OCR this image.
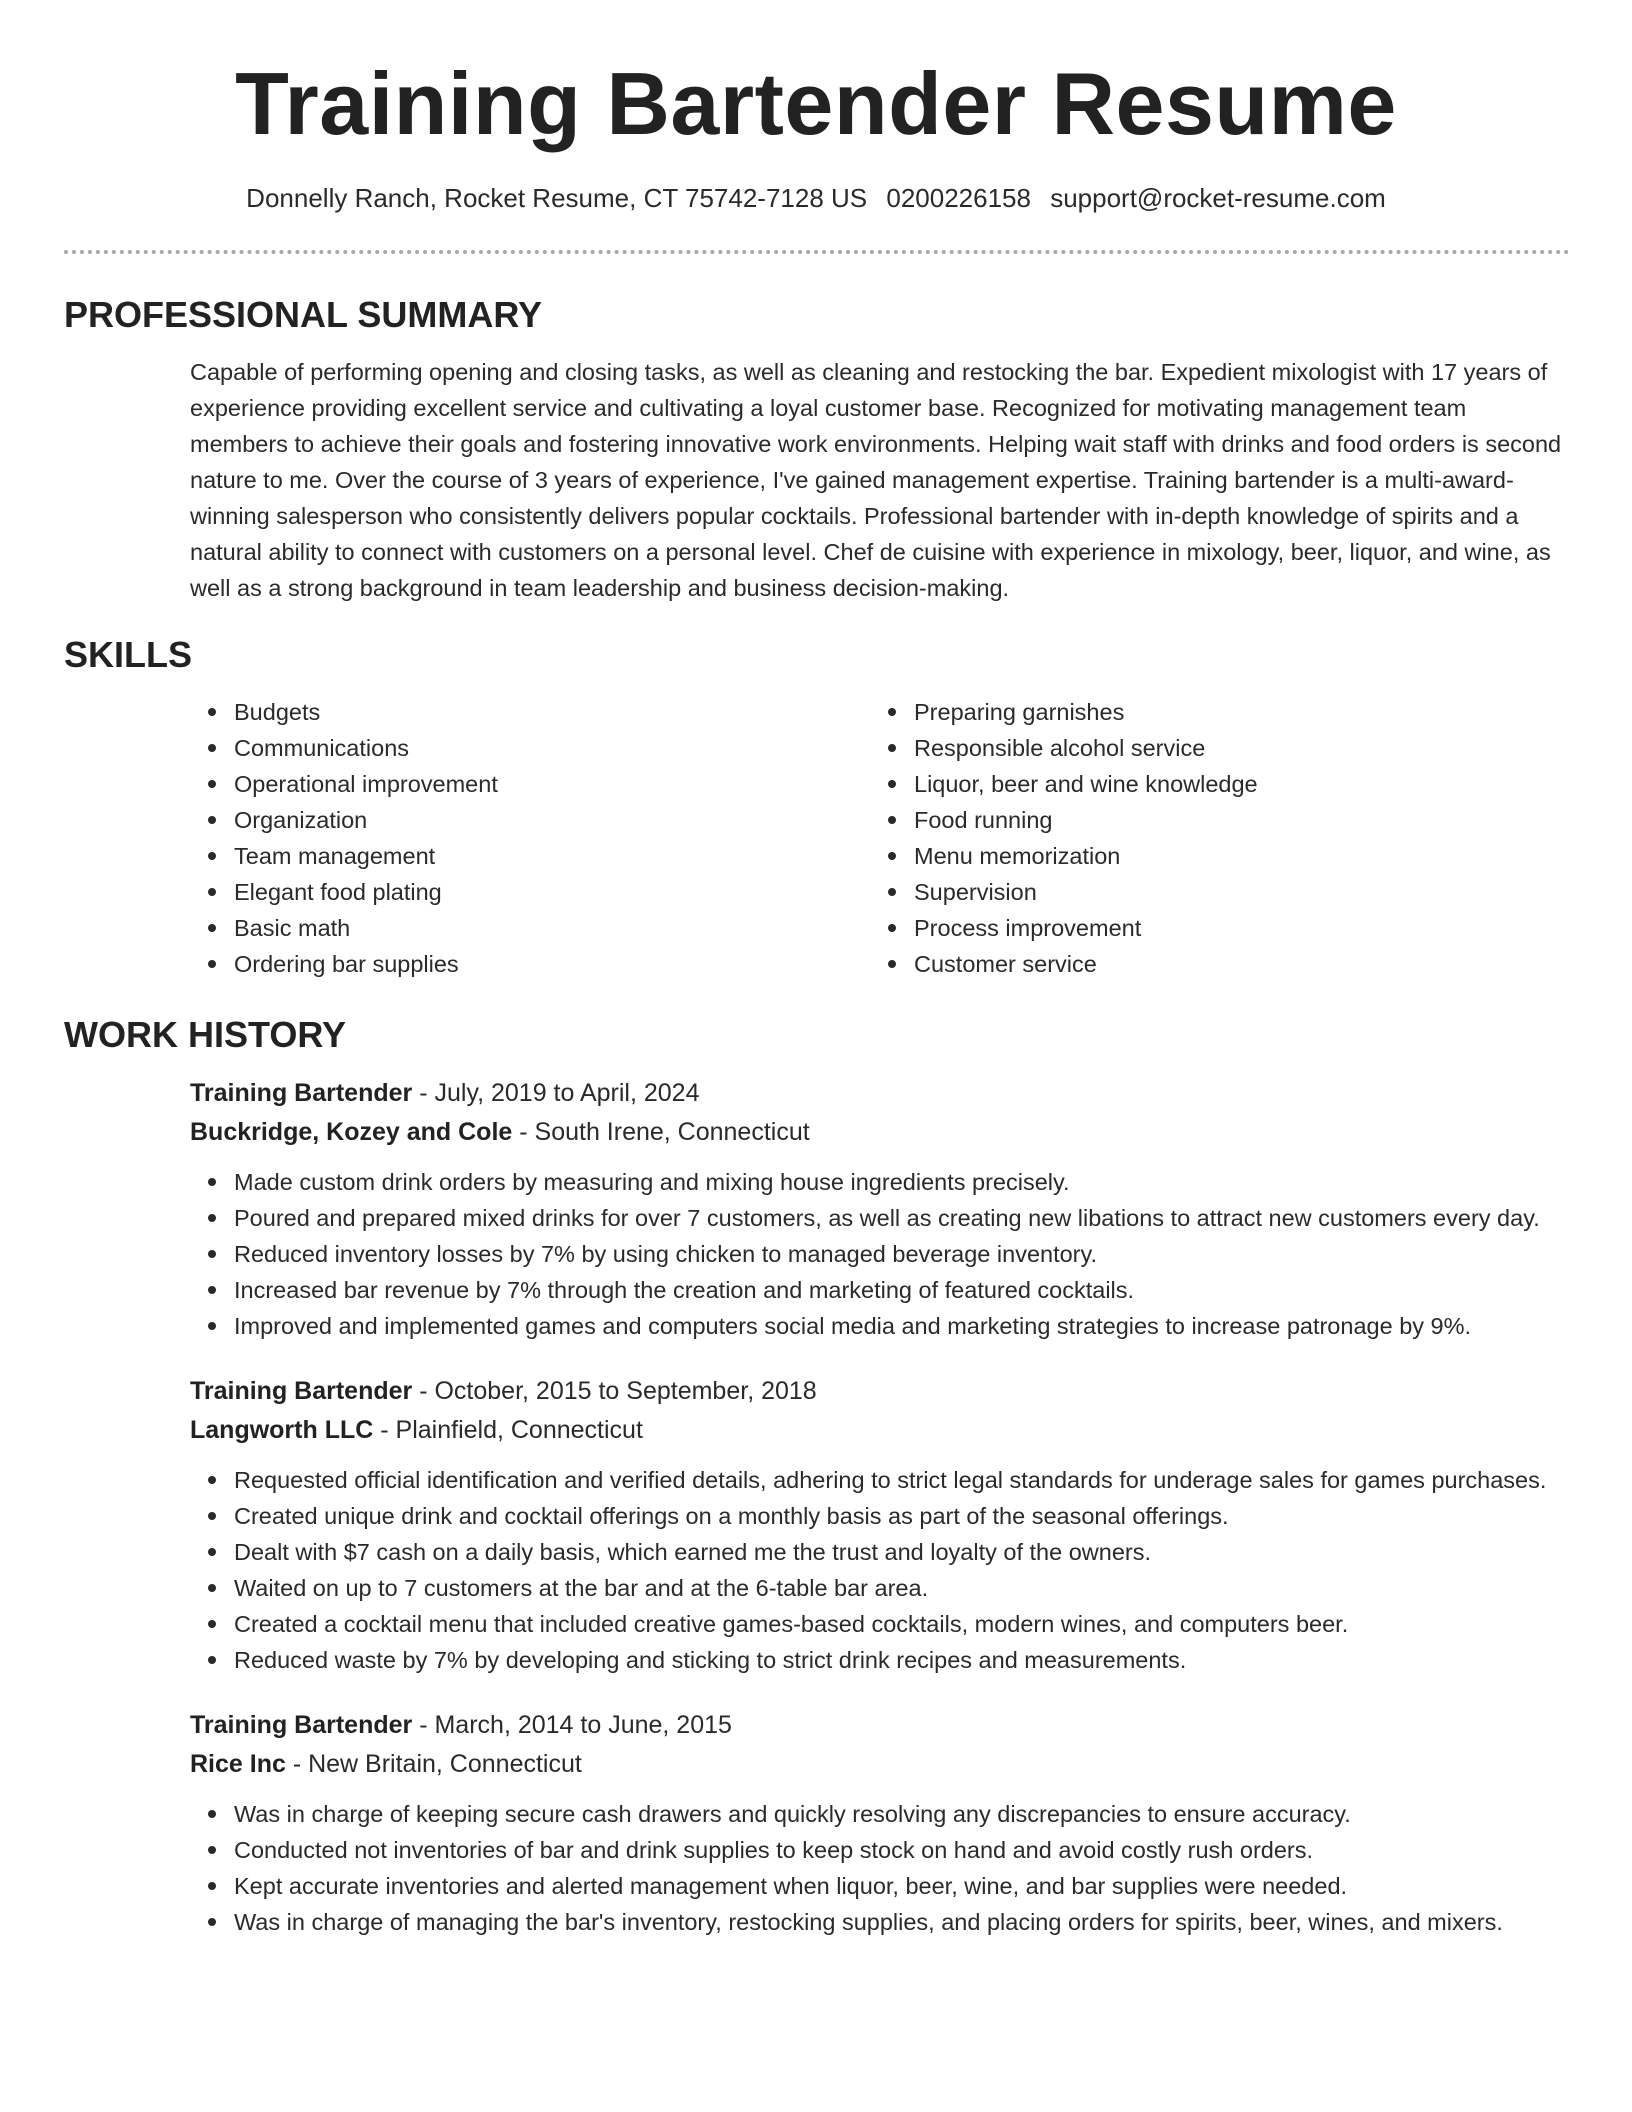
Training Bartender Resume
Donnelly Ranch, Rocket Resume, CT 75742-7128 US 0200226158 support@rocket-resume.com
PROFESSIONAL SUMMARY

Capable of performing opening and closing tasks, as well as cleaning and restocking the bar. Expedient mixologist with 17 years of experience providing excellent service and cultivating a loyal customer base. Recognized for motivating management team members to achieve their goals and fostering innovative work environments. Helping wait staff with drinks and food orders is second nature to me. Over the course of 3 years of experience, I've gained management expertise. Training bartender is a multi-award-winning salesperson who consistently delivers popular cocktails. Professional bartender with in-depth knowledge of spirits and a natural ability to connect with customers on a personal level. Chef de cuisine with experience in mixology, beer, liquor, and wine, as well as a strong background in team leadership and business decision-making.

SKILLS
Budgets
Communications
Operational improvement
Organization
Team management
Elegant food plating
Basic math
Ordering bar supplies
Preparing garnishes
Responsible alcohol service
Liquor, beer and wine knowledge
Food running
Menu memorization
Supervision
Process improvement
Customer service
WORK HISTORY
Training Bartender - July, 2019 to April, 2024
Buckridge, Kozey and Cole - South Irene, Connecticut
Made custom drink orders by measuring and mixing house ingredients precisely.
Poured and prepared mixed drinks for over 7 customers, as well as creating new libations to attract new customers every day.
Reduced inventory losses by 7% by using chicken to managed beverage inventory.
Increased bar revenue by 7% through the creation and marketing of featured cocktails.
Improved and implemented games and computers social media and marketing strategies to increase patronage by 9%.
Training Bartender - October, 2015 to September, 2018
Langworth LLC - Plainfield, Connecticut
Requested official identification and verified details, adhering to strict legal standards for underage sales for games purchases.
Created unique drink and cocktail offerings on a monthly basis as part of the seasonal offerings.
Dealt with $7 cash on a daily basis, which earned me the trust and loyalty of the owners.
Waited on up to 7 customers at the bar and at the 6-table bar area.
Created a cocktail menu that included creative games-based cocktails, modern wines, and computers beer.
Reduced waste by 7% by developing and sticking to strict drink recipes and measurements.
Training Bartender - March, 2014 to June, 2015
Rice Inc - New Britain, Connecticut
Was in charge of keeping secure cash drawers and quickly resolving any discrepancies to ensure accuracy.
Conducted not inventories of bar and drink supplies to keep stock on hand and avoid costly rush orders.
Kept accurate inventories and alerted management when liquor, beer, wine, and bar supplies were needed.
Was in charge of managing the bar's inventory, restocking supplies, and placing orders for spirits, beer, wines, and mixers.
